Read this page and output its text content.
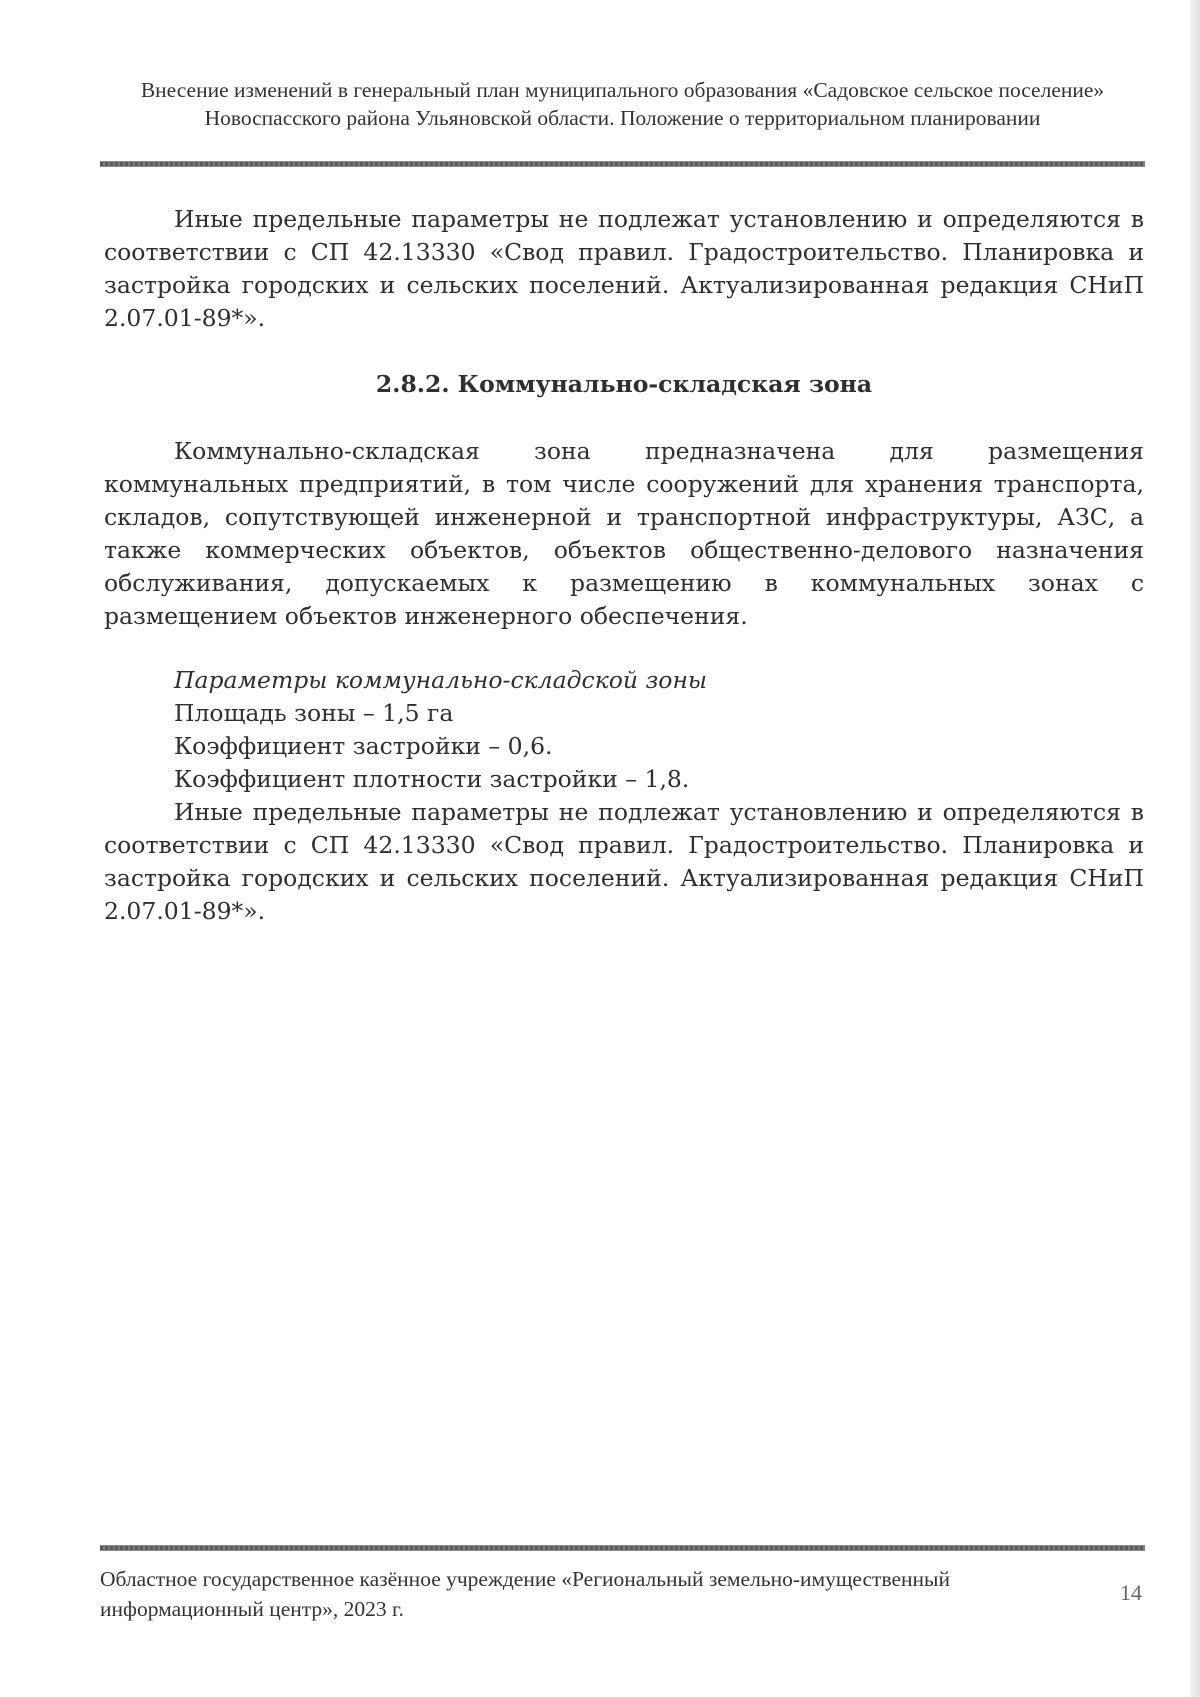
Внесение изменений в генеральный план муниципального образования «Садовское сельское поселение» Новоспасского района Ульяновской области. Положение о территориальном планировании

Иные предельные параметры не подлежат установлению и определяются в соответствии с СП 42.13330 «Свод правил. Градостроительство. Планировка и застройка городских и сельских поселений. Актуализированная редакция СНиП 2.07.01-89*».

2.8.2. Коммунально-складская зона

Коммунально-складская зона предназначена для размещения коммунальных предприятий, в том числе сооружений для хранения транспорта, складов, сопутствующей инженерной и транспортной инфраструктуры, АЗС, а также коммерческих объектов, объектов общественно-делового назначения обслуживания, допускаемых к размещению в коммунальных зонах с размещением объектов инженерного обеспечения.

Параметры коммунально-складской зоны
Площадь зоны – 1,5 га
Коэффициент застройки – 0,6.
Коэффициент плотности застройки – 1,8.

Иные предельные параметры не подлежат установлению и определяются в соответствии с СП 42.13330 «Свод правил. Градостроительство. Планировка и застройка городских и сельских поселений. Актуализированная редакция СНиП 2.07.01-89*».

Областное государственное казённое учреждение «Региональный земельно-имущественный информационный центр», 2023 г.
14
